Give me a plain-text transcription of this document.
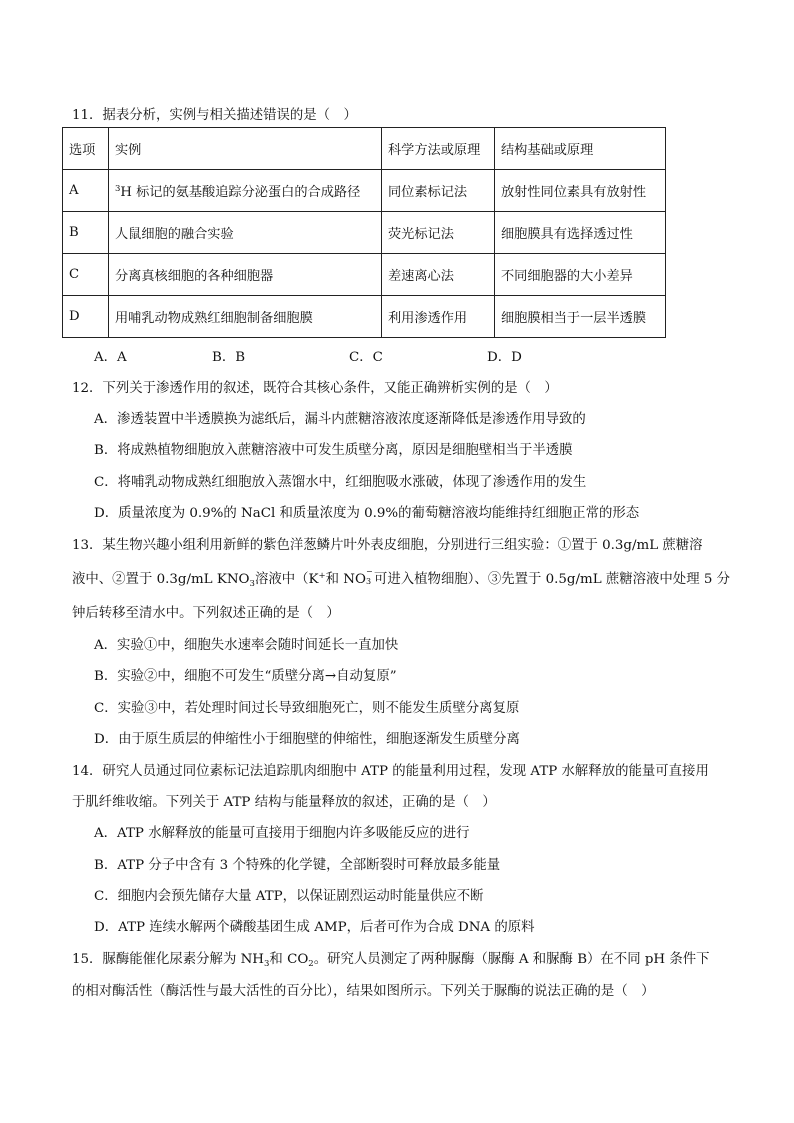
11．据表分析，实例与相关描述错误的是（　）
选项	实例	科学方法或原理	结构基础或原理
A	$^3$H 标记的氨基酸追踪分泌蛋白的合成路径	同位素标记法	放射性同位素具有放射性
B	人鼠细胞的融合实验	荧光标记法	细胞膜具有选择透过性
C	分离真核细胞的各种细胞器	差速离心法	不同细胞器的大小差异
D	用哺乳动物成熟红细胞制备细胞膜	利用渗透作用	细胞膜相当于一层半透膜
A．A	B．B	C．C	D．D
12．下列关于渗透作用的叙述，既符合其核心条件，又能正确辨析实例的是（　）
A．渗透装置中半透膜换为滤纸后，漏斗内蔗糖溶液浓度逐渐降低是渗透作用导致的
B．将成熟植物细胞放入蔗糖溶液中可发生质壁分离，原因是细胞壁相当于半透膜
C．将哺乳动物成熟红细胞放入蒸馏水中，红细胞吸水涨破，体现了渗透作用的发生
D．质量浓度为 0.9%的 NaCl 和质量浓度为 0.9%的葡萄糖溶液均能维持红细胞正常的形态
13．某生物兴趣小组利用新鲜的紫色洋葱鳞片叶外表皮细胞，分别进行三组实验：①置于 0.3g/mL 蔗糖溶
液中、②置于 0.3g/mL $KNO_3$溶液中（K+和 NO
−
3 可进入植物细胞）、③先置于 0.5g/mL 蔗糖溶液中处理 5 分
钟后转移至清水中。下列叙述正确的是（　）
A．实验①中，细胞失水速率会随时间延长一直加快
B．实验②中，细胞不可发生“质壁分离→自动复原”
C．实验③中，若处理时间过长导致细胞死亡，则不能发生质壁分离复原
D．由于原生质层的伸缩性小于细胞壁的伸缩性，细胞逐渐发生质壁分离
14．研究人员通过同位素标记法追踪肌肉细胞中 ATP 的能量利用过程，发现 ATP 水解释放的能量可直接用
于肌纤维收缩。下列关于 ATP 结构与能量释放的叙述，正确的是（　）
A．ATP 水解释放的能量可直接用于细胞内许多吸能反应的进行
B．ATP 分子中含有 3 个特殊的化学键，全部断裂时可释放最多能量
C．细胞内会预先储存大量 ATP，以保证剧烈运动时能量供应不断
D．ATP 连续水解两个磷酸基团生成 AMP，后者可作为合成 DNA 的原料
15．脲酶能催化尿素分解为 $NH_3$和 $CO_2$。研究人员测定了两种脲酶（脲酶 A 和脲酶 B）在不同 pH 条件下
的相对酶活性（酶活性与最大活性的百分比），结果如图所示。下列关于脲酶的说法正确的是（　）
